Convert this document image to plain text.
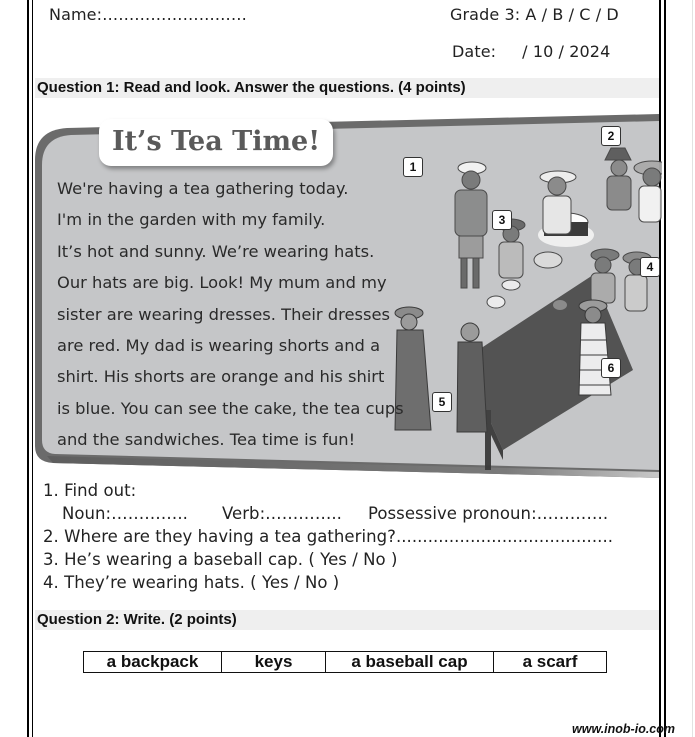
Name:………………………	Grade 3: A / B / C / D
Date: / 10 / 2024
Question 1: Read and look. Answer the questions. (4 points)
It’s Tea Time!
We're having a tea gathering today.
I'm in the garden with my family.
It’s hot and sunny. We’re wearing hats.
Our hats are big. Look! My mum and my
sister are wearing dresses. Their dresses
are red. My dad is wearing shorts and a
shirt. His shorts are orange and his shirt
is blue. You can see the cake, the tea cups
and the sandwiches. Tea time is fun!
1
2
3
4
5
6
1. Find out:
Noun:………….. Verb:………….. Possessive pronoun:………….
2. Where are they having a tea gathering?.........................................
3. He’s wearing a baseball cap. ( Yes / No )
4. They’re wearing hats. ( Yes / No )
Question 2: Write. (2 points)
a backpack	keys	a baseball cap	a scarf
www.inob-io.com
